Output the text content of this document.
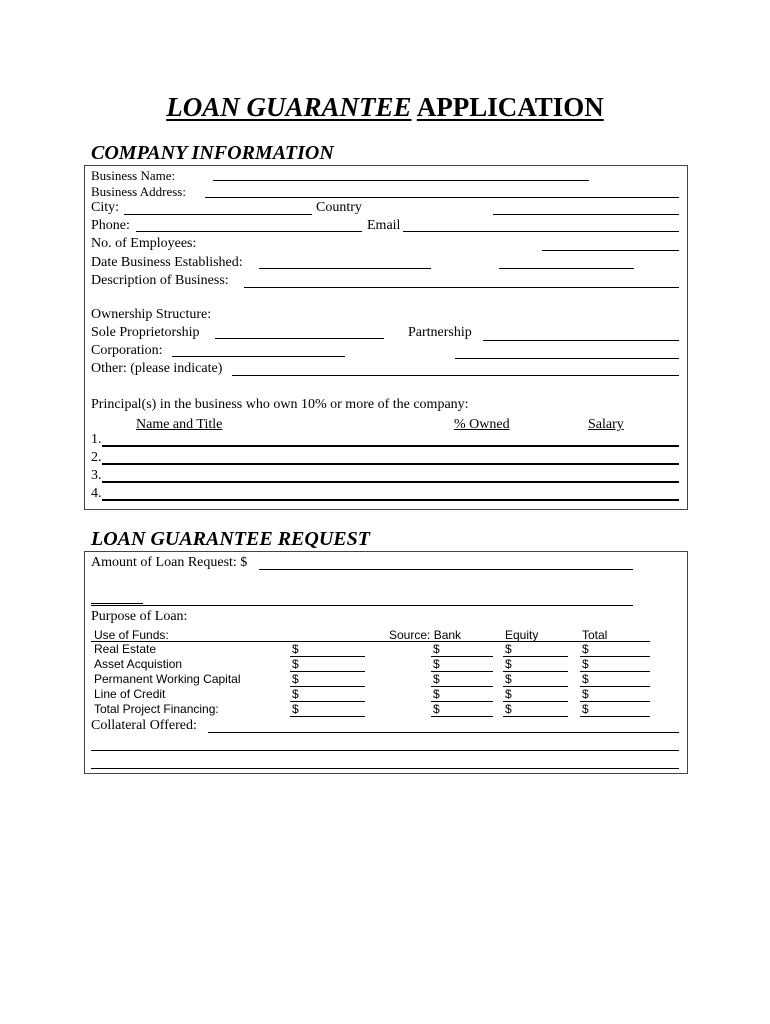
LOAN GUARANTEE APPLICATION
COMPANY INFORMATION
Business Name:
Business Address:
City:	Country
Phone:	Email
No. of Employees:
Date Business Established:
Description of Business:
Ownership Structure:
Sole Proprietorship	Partnership
Corporation:
Other: (please indicate)
Principal(s) in the business who own 10% or more of the company:
Name and Title	% Owned	Salary
1.
2.
3.
4.
LOAN GUARANTEE REQUEST
Amount of Loan Request: $
Purpose of Loan:
Use of Funds:	Source: Bank	Equity	Total
Real Estate	$	$	$	$
Asset Acquistion	$	$	$	$
Permanent Working Capital	$	$	$	$
Line of Credit	$	$	$	$
Total Project Financing:	$	$	$	$
Collateral Offered:
